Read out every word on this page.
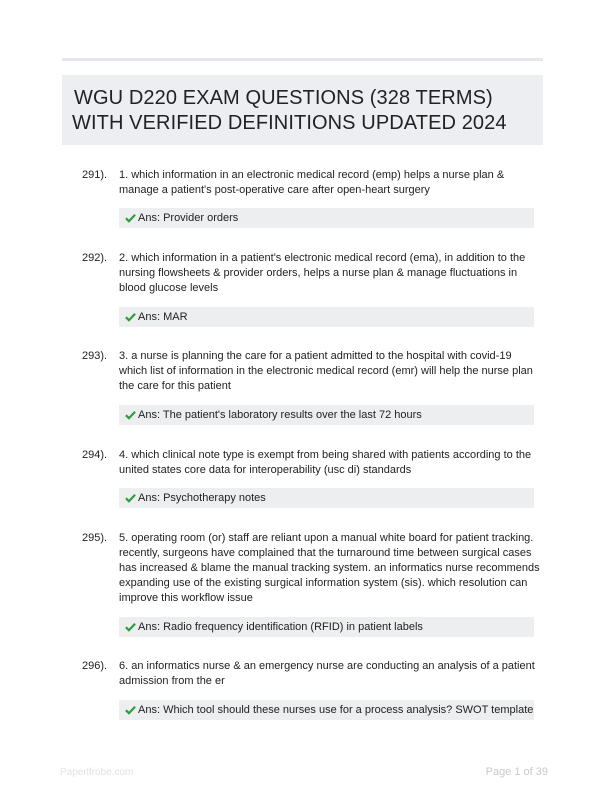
WGU D220 EXAM QUESTIONS (328 TERMS)
WITH VERIFIED DEFINITIONS UPDATED 2024
291). 1. which information in an electronic medical record (emp) helps a nurse plan & manage a patient's post-operative care after open-heart surgery
Ans: Provider orders
292). 2. which information in a patient's electronic medical record (ema), in addition to the nursing flowsheets & provider orders, helps a nurse plan & manage fluctuations in blood glucose levels
Ans: MAR
293). 3. a nurse is planning the care for a patient admitted to the hospital with covid-19 which list of information in the electronic medical record (emr) will help the nurse plan the care for this patient
Ans: The patient's laboratory results over the last 72 hours
294). 4. which clinical note type is exempt from being shared with patients according to the united states core data for interoperability (usc di) standards
Ans: Psychotherapy notes
295). 5. operating room (or) staff are reliant upon a manual white board for patient tracking. recently, surgeons have complained that the turnaround time between surgical cases has increased & blame the manual tracking system. an informatics nurse recommends expanding use of the existing surgical information system (sis). which resolution can improve this workflow issue
Ans: Radio frequency identification (RFID) in patient labels
296). 6. an informatics nurse & an emergency nurse are conducting an analysis of a patient admission from the er
Ans: Which tool should these nurses use for a process analysis? SWOT template
Paperlfrobe.com	Page 1 of 39
